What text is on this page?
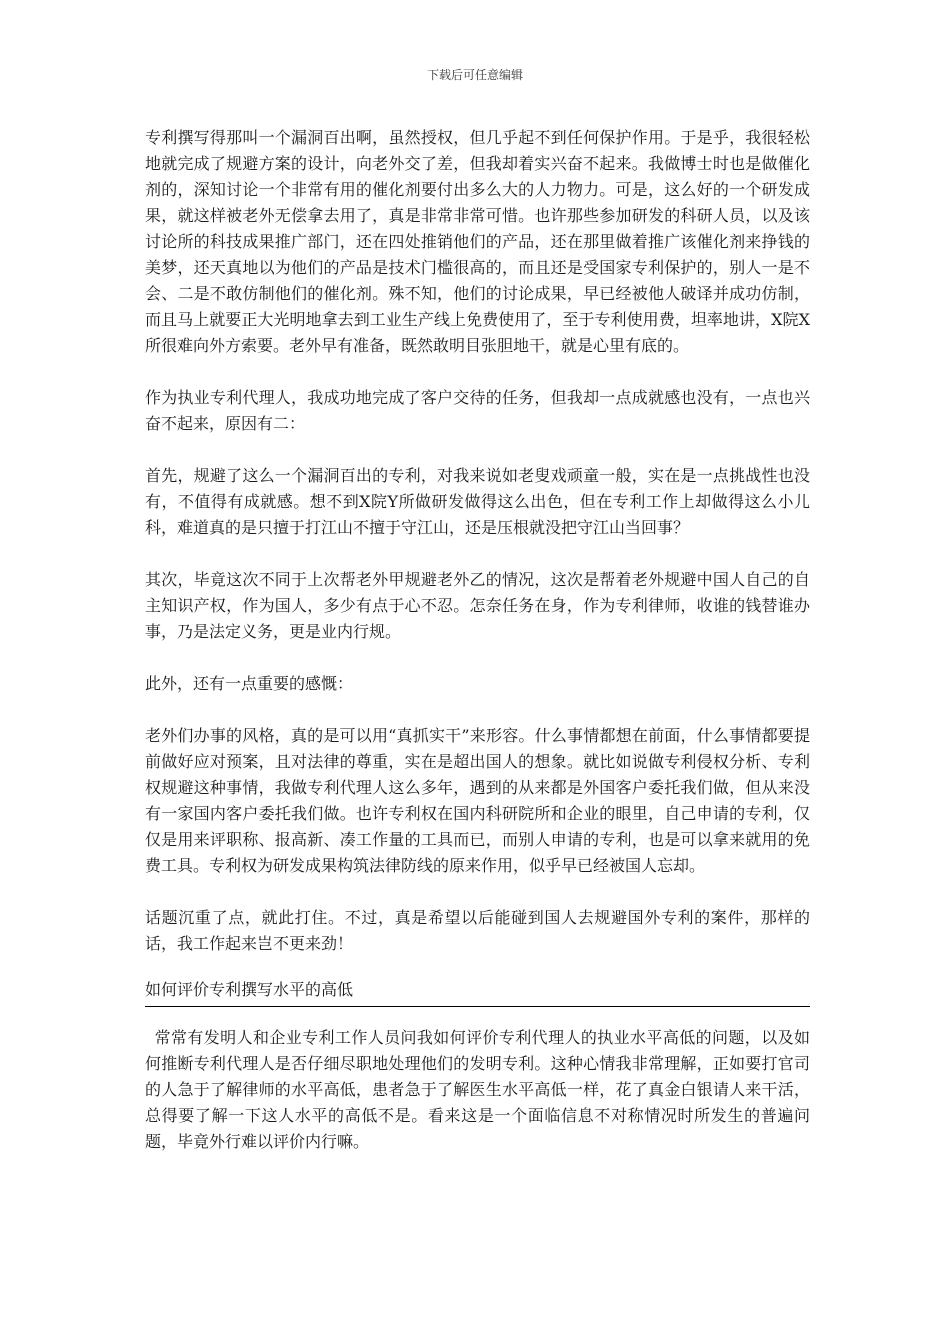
下载后可任意编辑

专利撰写得那叫一个漏洞百出啊，虽然授权，但几乎起不到任何保护作用。于是乎，我很轻松地就完成了规避方案的设计，向老外交了差，但我却着实兴奋不起来。我做博士时也是做催化剂的，深知讨论一个非常有用的催化剂要付出多么大的人力物力。可是，这么好的一个研发成果，就这样被老外无偿拿去用了，真是非常非常可惜。也许那些参加研发的科研人员，以及该讨论所的科技成果推广部门，还在四处推销他们的产品，还在那里做着推广该催化剂来挣钱的美梦，还天真地以为他们的产品是技术门槛很高的，而且还是受国家专利保护的，别人一是不会、二是不敢仿制他们的催化剂。殊不知，他们的讨论成果，早已经被他人破译并成功仿制，而且马上就要正大光明地拿去到工业生产线上免费使用了，至于专利使用费，坦率地讲，X院X所很难向外方索要。老外早有准备，既然敢明目张胆地干，就是心里有底的。

作为执业专利代理人，我成功地完成了客户交待的任务，但我却一点成就感也没有，一点也兴奋不起来，原因有二：

首先，规避了这么一个漏洞百出的专利，对我来说如老叟戏顽童一般，实在是一点挑战性也没有，不值得有成就感。想不到X院Y所做研发做得这么出色，但在专利工作上却做得这么小儿科，难道真的是只擅于打江山不擅于守江山，还是压根就没把守江山当回事？

其次，毕竟这次不同于上次帮老外甲规避老外乙的情况，这次是帮着老外规避中国人自己的自主知识产权，作为国人，多少有点于心不忍。怎奈任务在身，作为专利律师，收谁的钱替谁办事，乃是法定义务，更是业内行规。

此外，还有一点重要的感慨：

老外们办事的风格，真的是可以用“真抓实干”来形容。什么事情都想在前面，什么事情都要提前做好应对预案，且对法律的尊重，实在是超出国人的想象。就比如说做专利侵权分析、专利权规避这种事情，我做专利代理人这么多年，遇到的从来都是外国客户委托我们做，但从来没有一家国内客户委托我们做。也许专利权在国内科研院所和企业的眼里，自己申请的专利，仅仅是用来评职称、报高新、凑工作量的工具而已，而别人申请的专利，也是可以拿来就用的免费工具。专利权为研发成果构筑法律防线的原来作用，似乎早已经被国人忘却。

话题沉重了点，就此打住。不过，真是希望以后能碰到国人去规避国外专利的案件，那样的话，我工作起来岂不更来劲！

如何评价专利撰写水平的高低

常常有发明人和企业专利工作人员问我如何评价专利代理人的执业水平高低的问题，以及如何推断专利代理人是否仔细尽职地处理他们的发明专利。这种心情我非常理解，正如要打官司的人急于了解律师的水平高低，患者急于了解医生水平高低一样，花了真金白银请人来干活，总得要了解一下这人水平的高低不是。看来这是一个面临信息不对称情况时所发生的普遍问题，毕竟外行难以评价内行嘛。
